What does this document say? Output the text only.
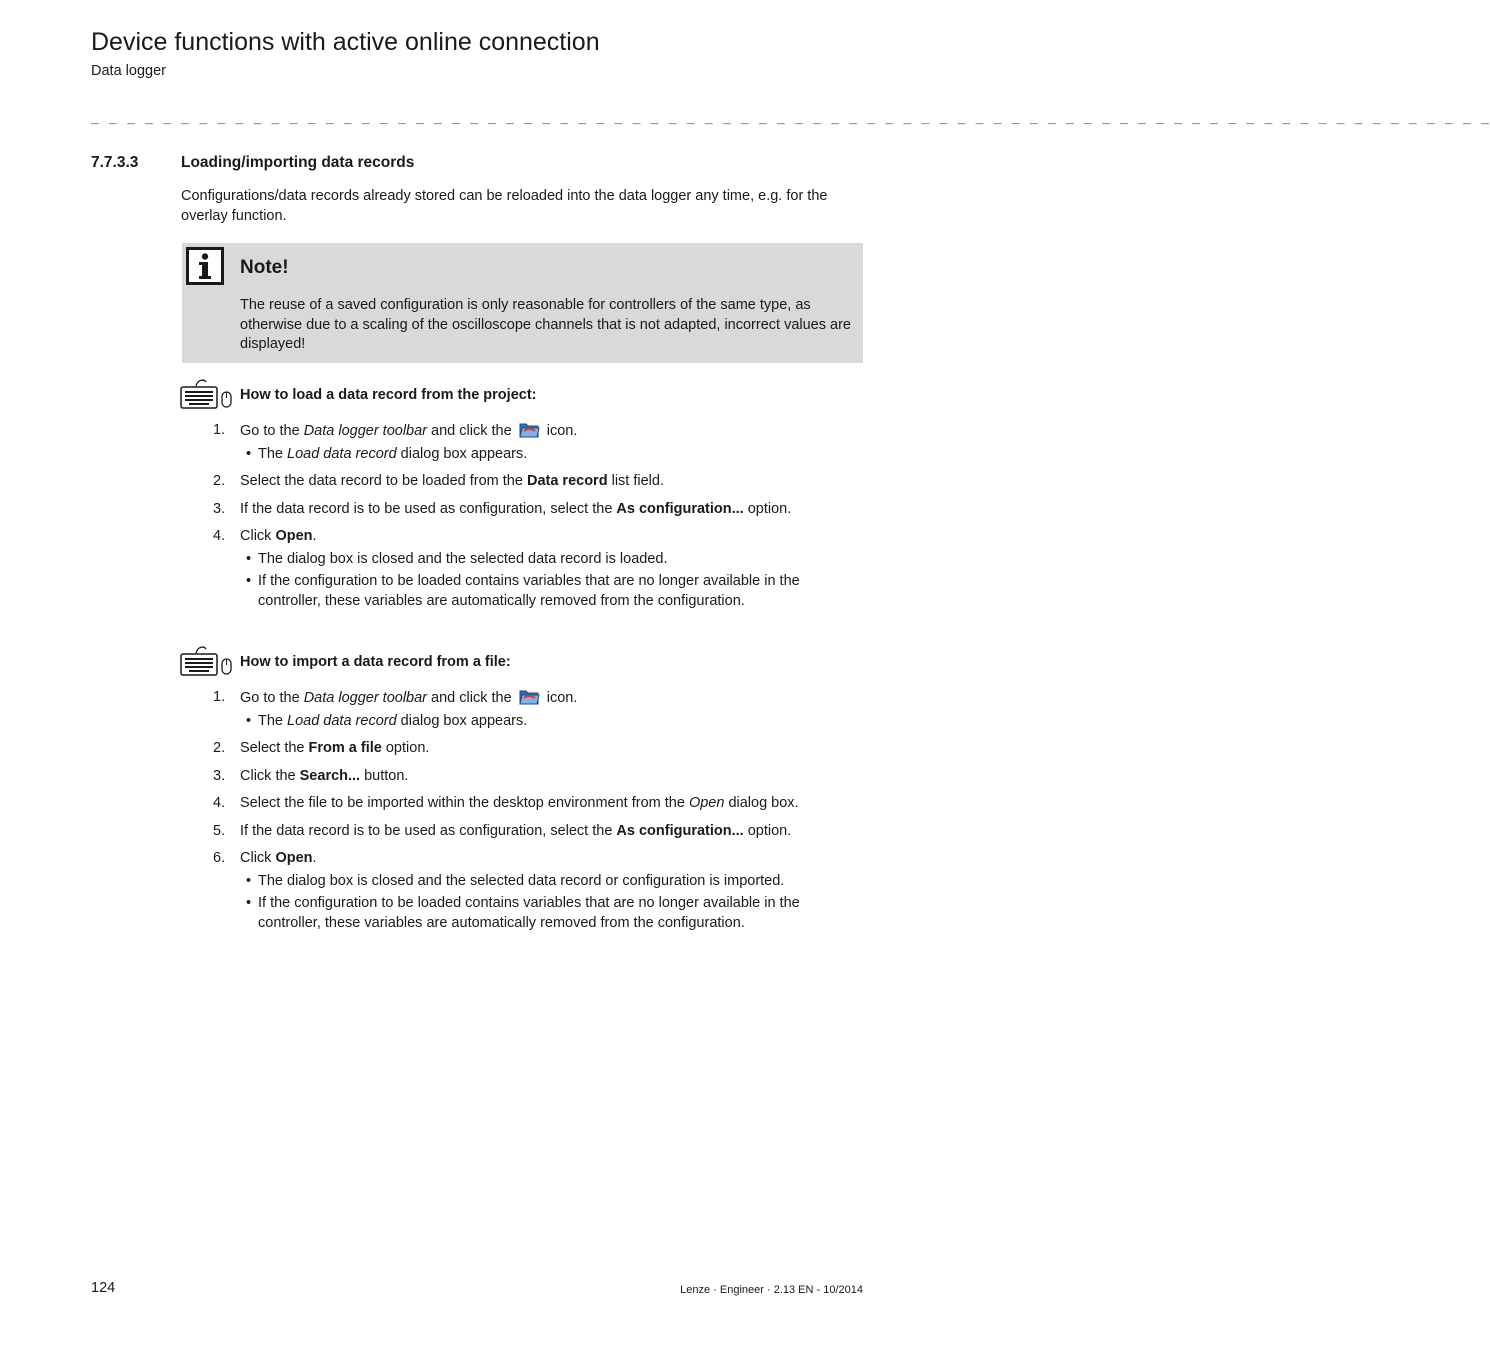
Device functions with active online connection
Data logger
_ _ _ _ _ _ _ _ _ _ _ _ _ _ _ _ _ _ _ _ _ _ _ _ _ _ _ _ _ _ _ _ _ _ _ _ _ _ _ _ _ _ _ _ _ _ _ _ _ _ _ _ _ _ _ _ _ _ _ _ _ _ _ _ _ _ _ _ _ _ _ _ _ _ _ _ _ _
7.7.3.3	Loading/importing data records
Configurations/data records already stored can be reloaded into the data logger any time, e.g. for the overlay function.
Note!
The reuse of a saved configuration is only reasonable for controllers of the same type, as otherwise due to a scaling of the oscilloscope channels that is not adapted, incorrect values are displayed!
How to load a data record from the project:
1. Go to the Data logger toolbar and click the  icon.
• The Load data record dialog box appears.
2. Select the data record to be loaded from the Data record list field.
3. If the data record is to be used as configuration, select the As configuration... option.
4. Click Open.
• The dialog box is closed and the selected data record is loaded.
• If the configuration to be loaded contains variables that are no longer available in the controller, these variables are automatically removed from the configuration.
How to import a data record from a file:
1. Go to the Data logger toolbar and click the  icon.
• The Load data record dialog box appears.
2. Select the From a file option.
3. Click the Search... button.
4. Select the file to be imported within the desktop environment from the Open dialog box.
5. If the data record is to be used as configuration, select the As configuration... option.
6. Click Open.
• The dialog box is closed and the selected data record or configuration is imported.
• If the configuration to be loaded contains variables that are no longer available in the controller, these variables are automatically removed from the configuration.
124	Lenze · Engineer · 2.13 EN - 10/2014
